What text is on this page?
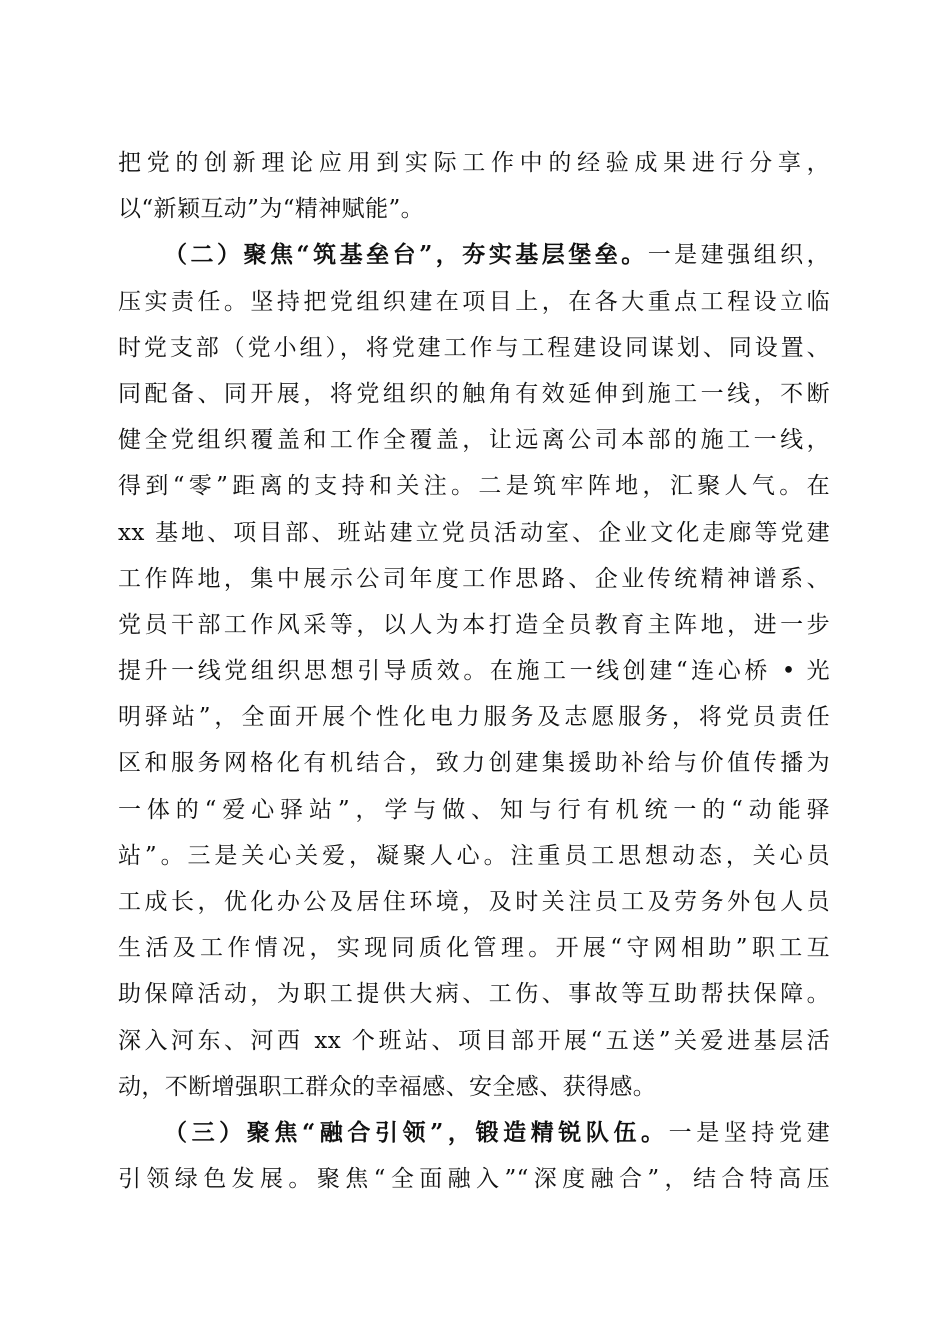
把党的创新理论应用到实际工作中的经验成果进行分享，
以“新颖互动”为“精神赋能”。
（二）聚焦“筑基垒台”，夯实基层堡垒。一是建强组织，
压实责任。坚持把党组织建在项目上，在各大重点工程设立临
时党支部（党小组），将党建工作与工程建设同谋划、同设置、
同配备、同开展，将党组织的触角有效延伸到施工一线，不断
健全党组织覆盖和工作全覆盖，让远离公司本部的施工一线，
得到“零”距离的支持和关注。二是筑牢阵地，汇聚人气。在
xx 基地、项目部、班站建立党员活动室、企业文化走廊等党建
工作阵地，集中展示公司年度工作思路、企业传统精神谱系、
党员干部工作风采等，以人为本打造全员教育主阵地，进一步
提升一线党组织思想引导质效。在施工一线创建“连心桥 • 光
明驿站”，全面开展个性化电力服务及志愿服务，将党员责任
区和服务网格化有机结合，致力创建集援助补给与价值传播为
一体的“爱心驿站”，学与做、知与行有机统一的“动能驿
站”。三是关心关爱，凝聚人心。注重员工思想动态，关心员
工成长，优化办公及居住环境，及时关注员工及劳务外包人员
生活及工作情况，实现同质化管理。开展“守网相助”职工互
助保障活动，为职工提供大病、工伤、事故等互助帮扶保障。
深入河东、河西 xx 个班站、项目部开展“五送”关爱进基层活
动，不断增强职工群众的幸福感、安全感、获得感。
（三）聚焦“融合引领”，锻造精锐队伍。一是坚持党建
引领绿色发展。聚焦“全面融入”“深度融合”，结合特高压
